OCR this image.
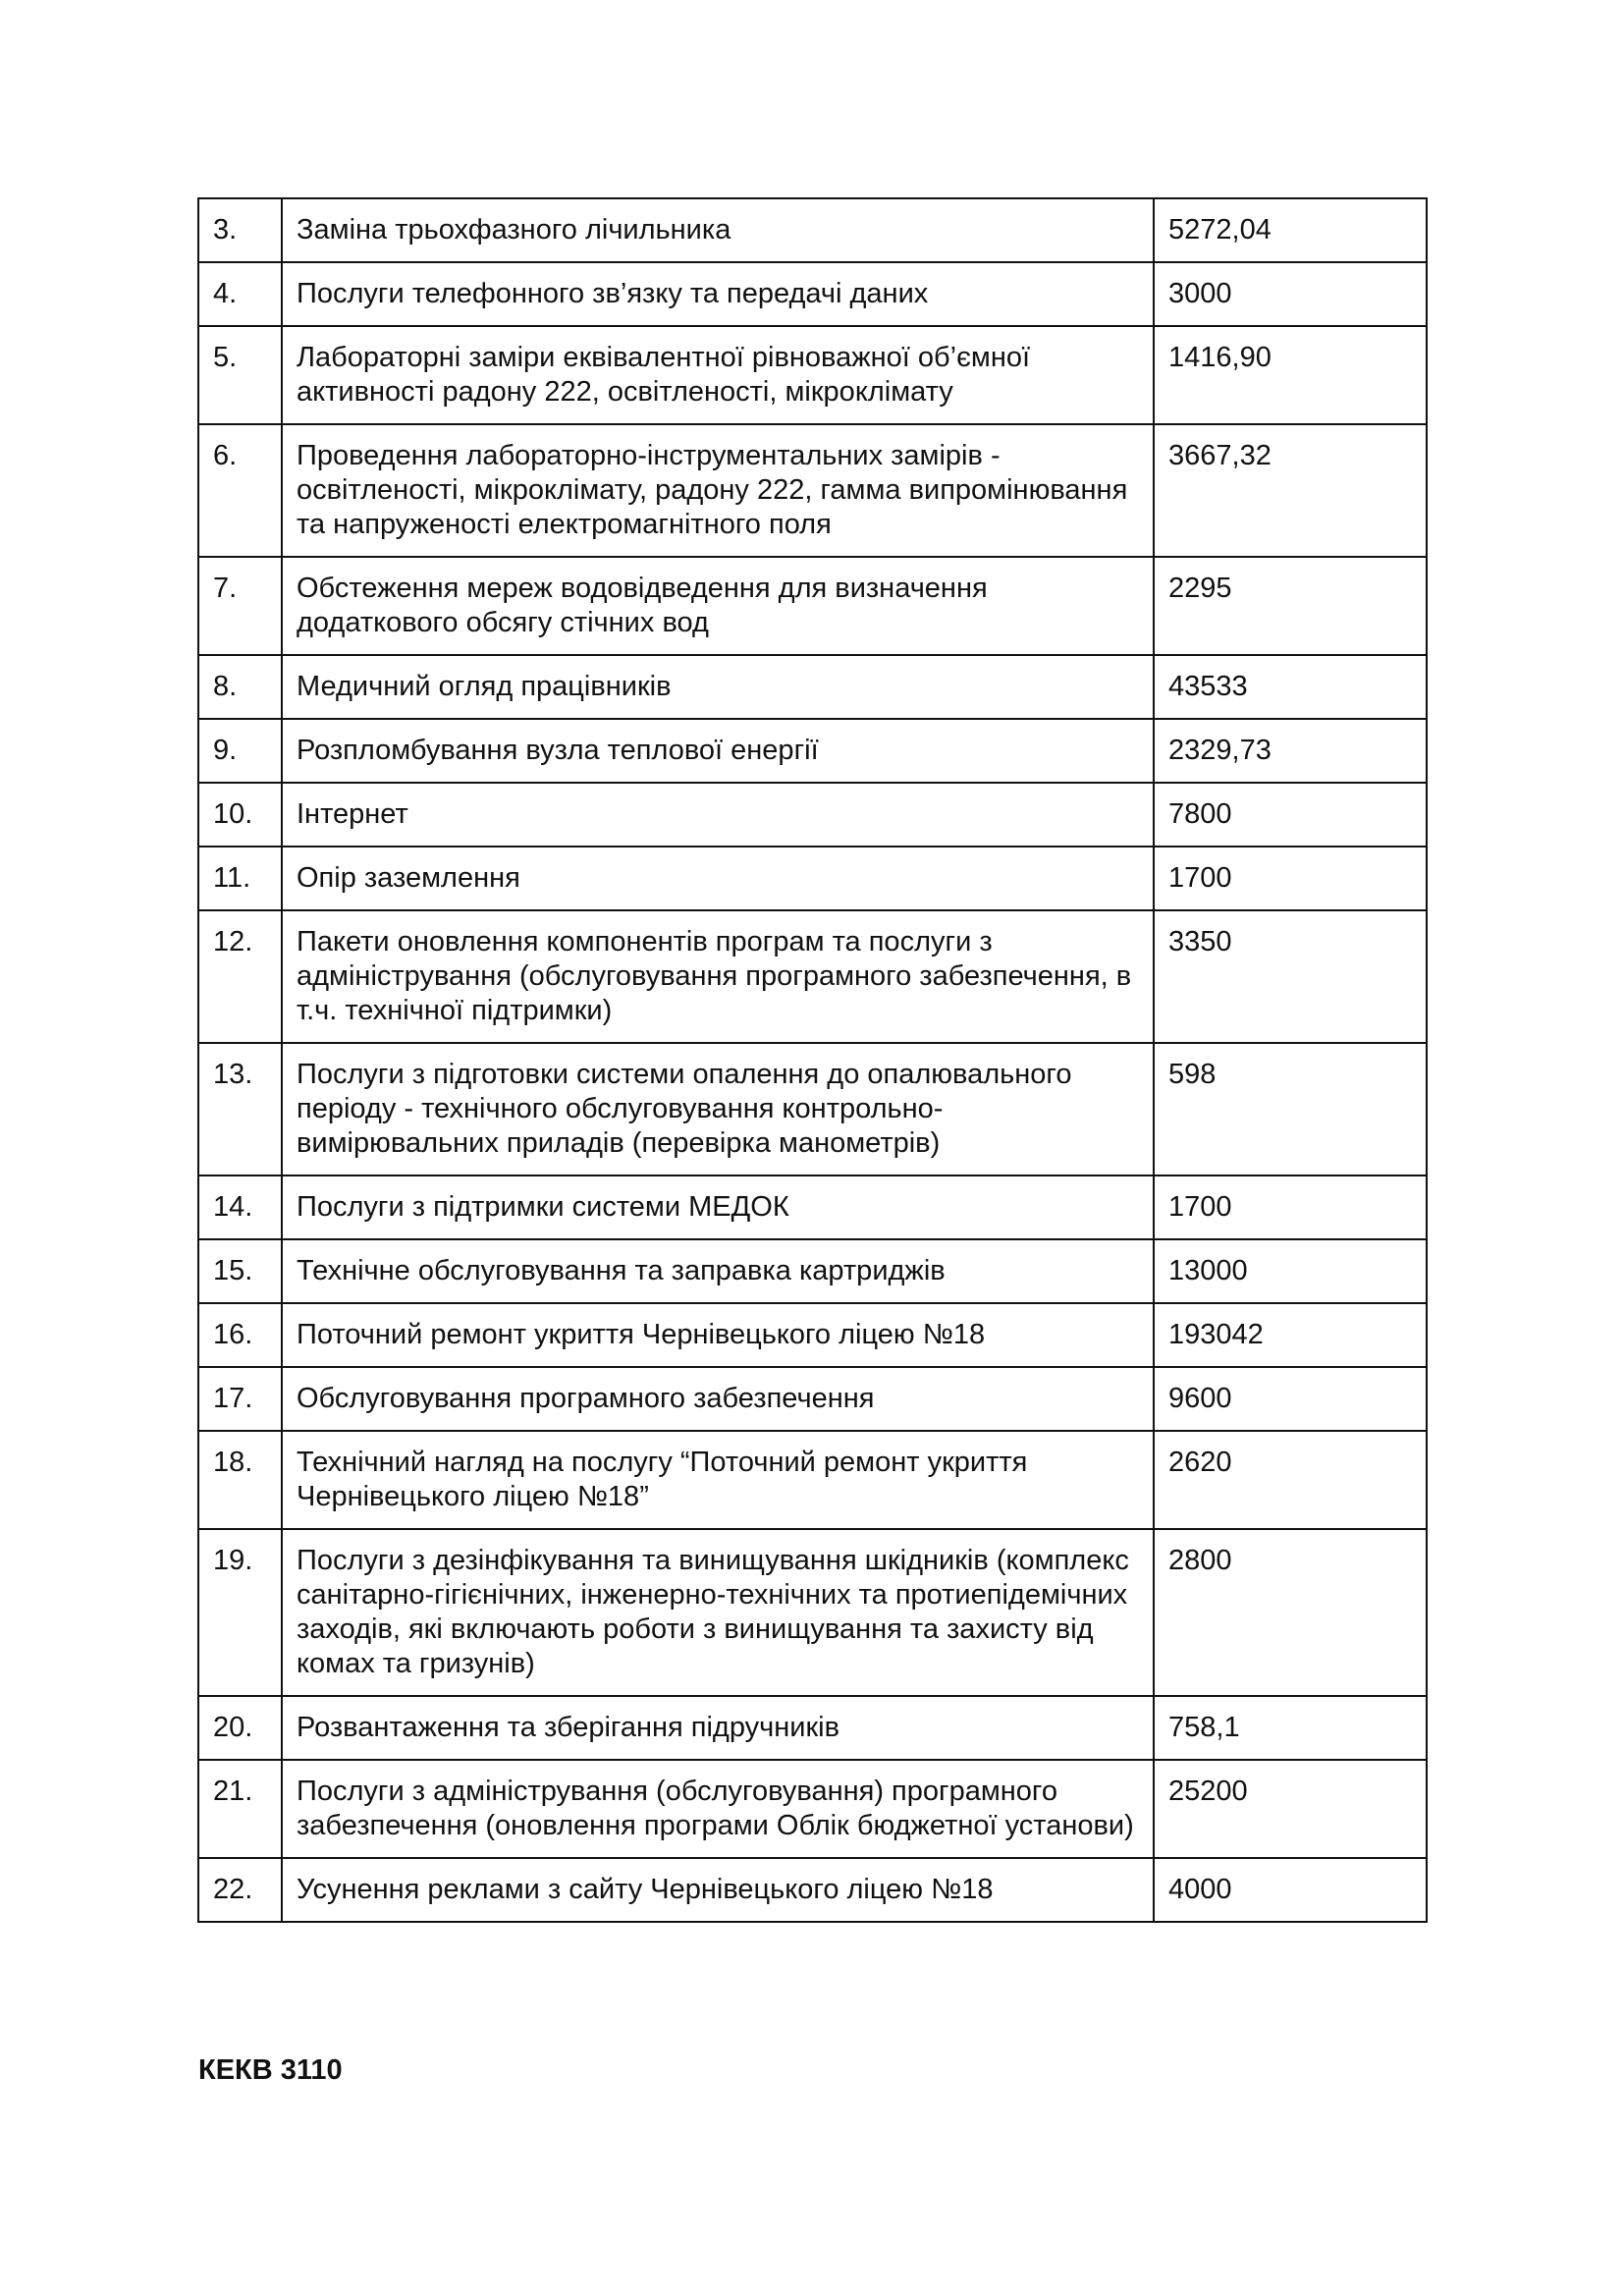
3.	Заміна трьохфазного лічильника	5272,04
4.	Послуги телефонного зв’язку та передачі даних	3000
5.	Лабораторні заміри еквівалентної рівноважної об’ємної активності радону 222, освітленості, мікроклімату	1416,90
6.	Проведення лабораторно-інструментальних замірів - освітленості, мікроклімату, радону 222, гамма випромінювання та напруженості електромагнітного поля	3667,32
7.	Обстеження мереж водовідведення для визначення додаткового обсягу стічних вод	2295
8.	Медичний огляд працівників	43533
9.	Розпломбування вузла теплової енергії	2329,73
10.	Інтернет	7800
11.	Опір заземлення	1700
12.	Пакети оновлення компонентів програм та послуги з адміністрування (обслуговування програмного забезпечення, в т.ч. технічної підтримки)	3350
13.	Послуги з підготовки системи опалення до опалювального періоду - технічного обслуговування контрольно-вимірювальних приладів (перевірка манометрів)	598
14.	Послуги з підтримки системи МЕДОК	1700
15.	Технічне обслуговування та заправка картриджів	13000
16.	Поточний ремонт укриття Чернівецького ліцею №18	193042
17.	Обслуговування програмного забезпечення	9600
18.	Технічний нагляд на послугу “Поточний ремонт укриття Чернівецького ліцею №18”	2620
19.	Послуги з дезінфікування та винищування шкідників (комплекс санітарно-гігієнічних, інженерно-технічних та протиепідемічних заходів, які включають роботи з винищування та захисту від комах та гризунів)	2800
20.	Розвантаження та зберігання підручників	758,1
21.	Послуги з адміністрування (обслуговування) програмного забезпечення (оновлення програми Облік бюджетної установи)	25200
22.	Усунення реклами з сайту Чернівецького ліцею №18	4000
КЕКВ 3110
